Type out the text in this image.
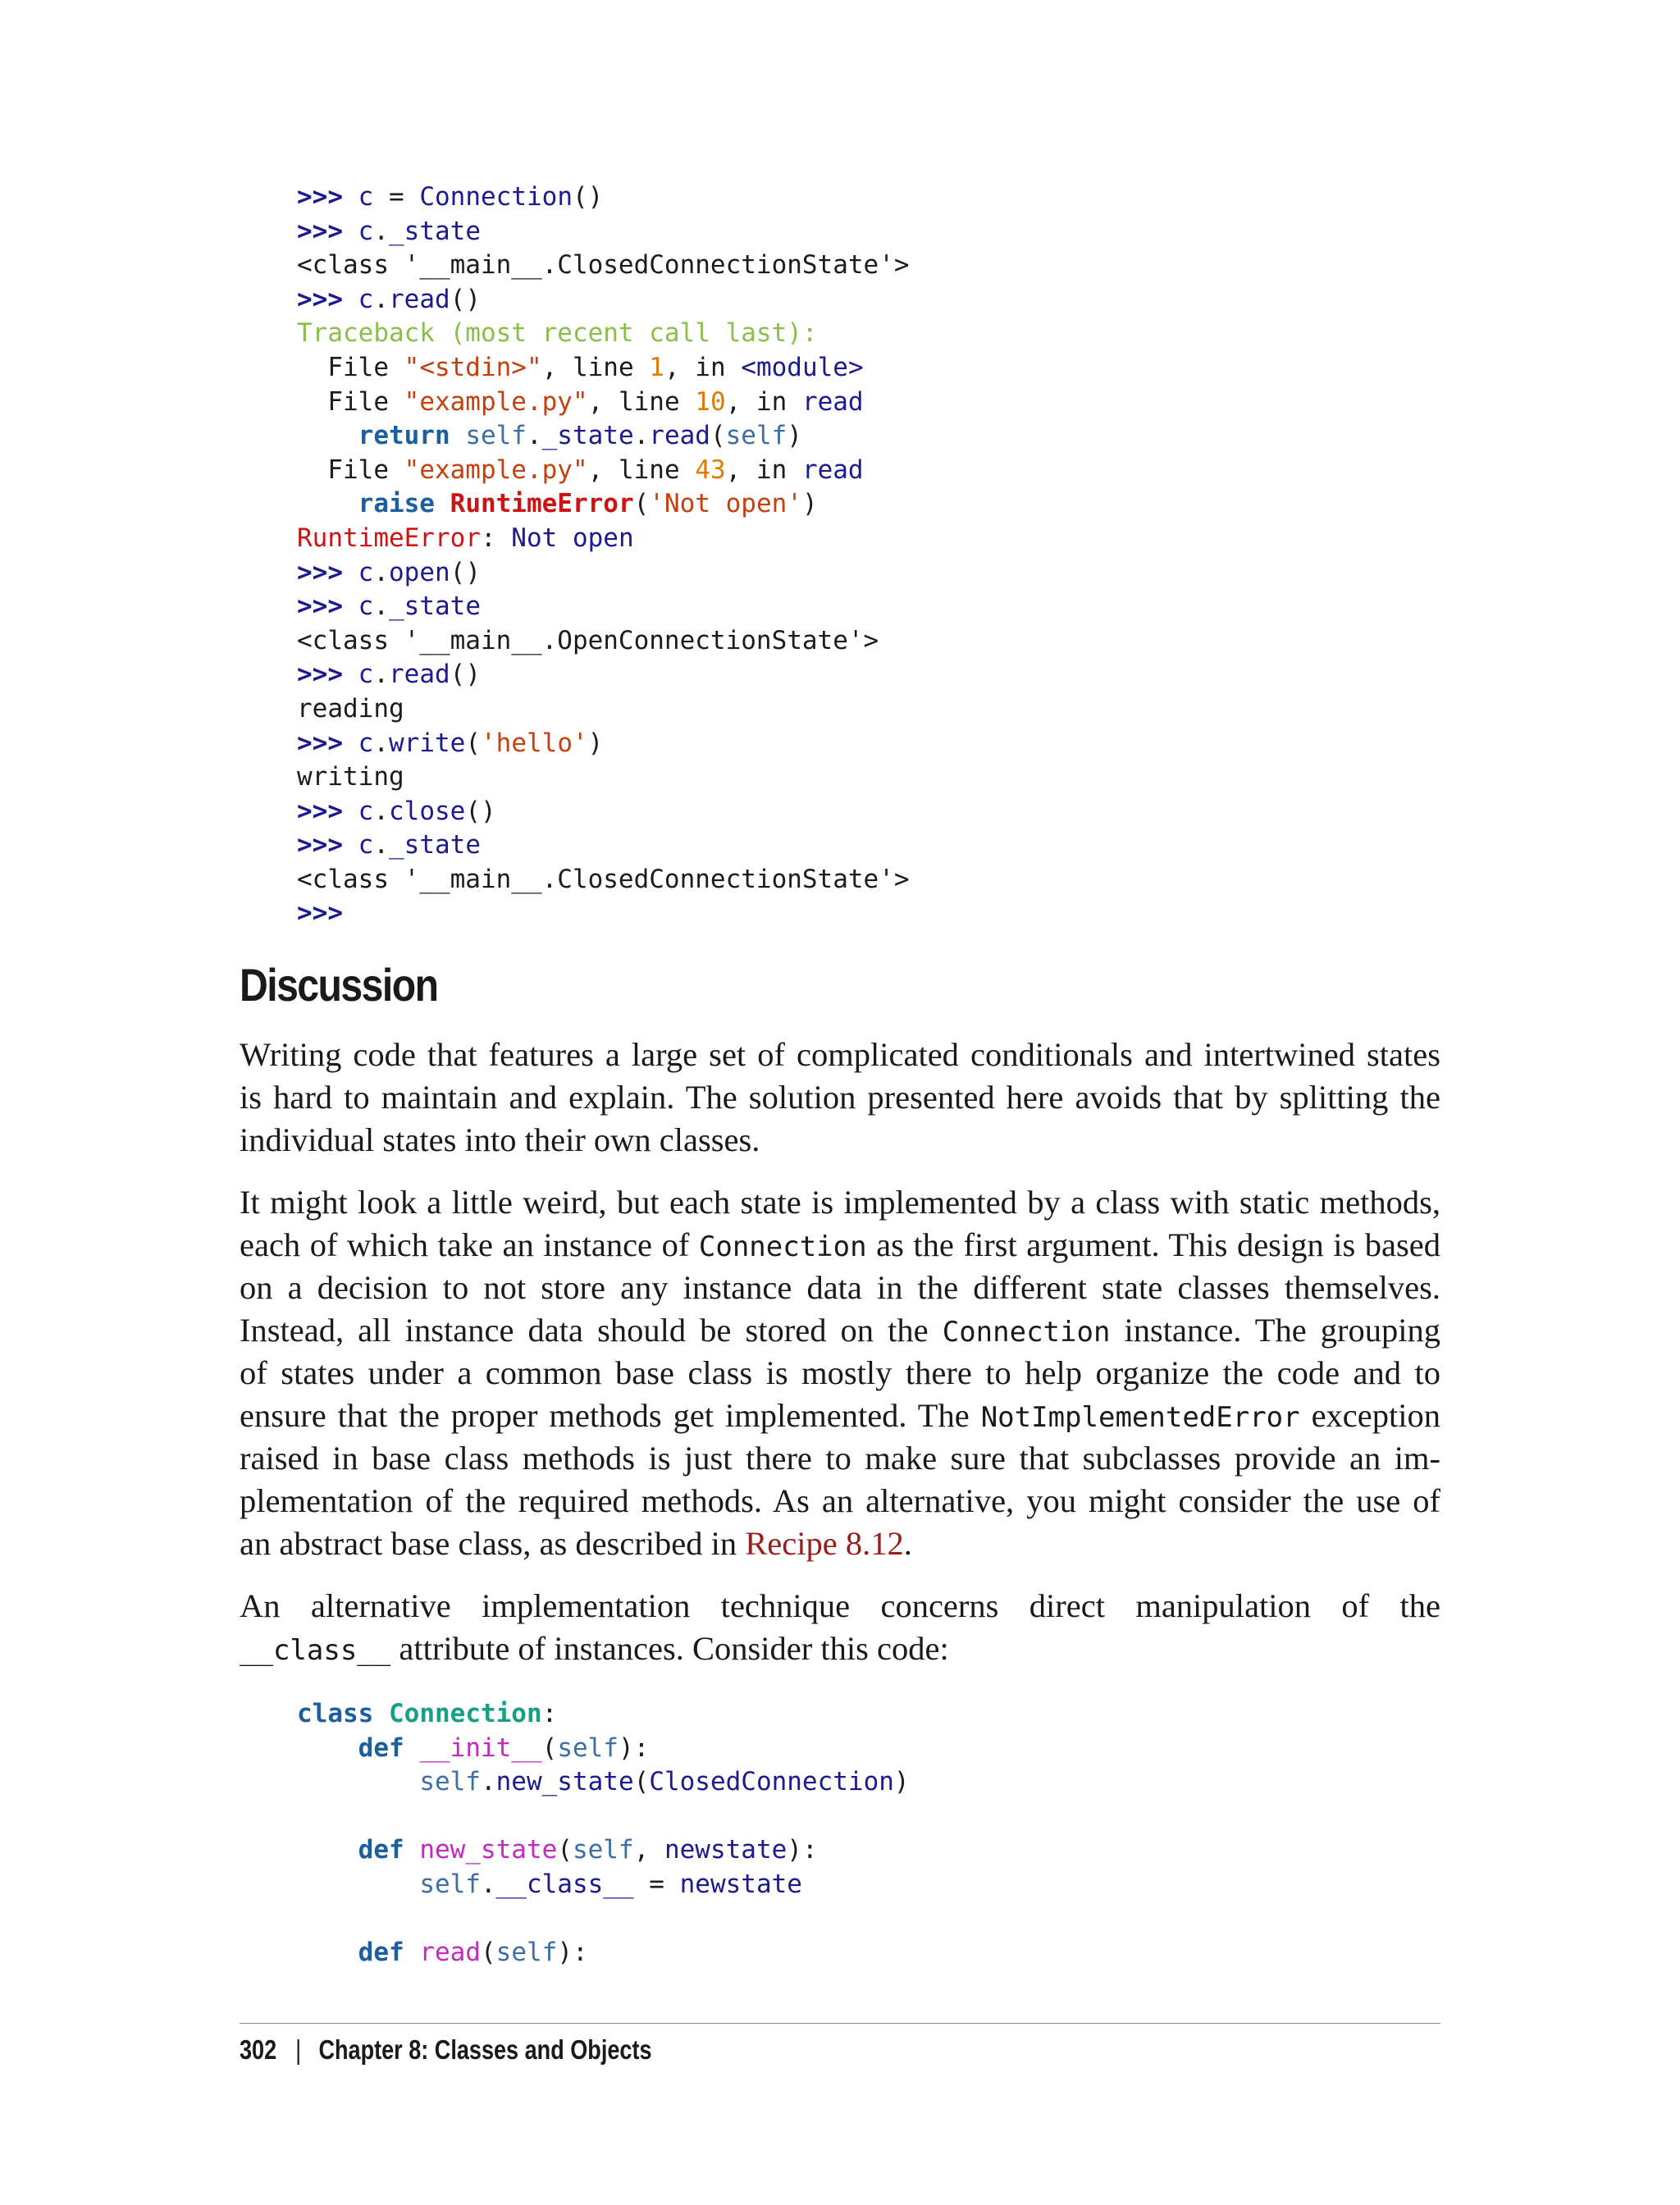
>>> c = Connection()
>>> c._state
<class '__main__.ClosedConnectionState'>
>>> c.read()
Traceback (most recent call last):
File "<stdin>", line 1, in <module>
File "example.py", line 10, in read
return self._state.read(self)
File "example.py", line 43, in read
raise RuntimeError('Not open')
RuntimeError: Not open
>>> c.open()
>>> c._state
<class '__main__.OpenConnectionState'>
>>> c.read()
reading
>>> c.write('hello')
writing
>>> c.close()
>>> c._state
<class '__main__.ClosedConnectionState'>
>>>
Discussion
Writing code that features a large set of complicated conditionals and intertwined states
is hard to maintain and explain. The solution presented here avoids that by splitting the
individual states into their own classes.
It might look a little weird, but each state is implemented by a class with static methods,
each of which take an instance of Connection as the first argument. This design is based
on a decision to not store any instance data in the different state classes themselves.
Instead, all instance data should be stored on the Connection instance. The grouping
of states under a common base class is mostly there to help organize the code and to
ensure that the proper methods get implemented. The NotImplementedError exception
raised in base class methods is just there to make sure that subclasses provide an im-
plementation of the required methods. As an alternative, you might consider the use of
an abstract base class, as described in Recipe 8.12.
An alternative implementation technique concerns direct manipulation of the
__class__ attribute of instances. Consider this code:
class Connection:
def __init__(self):
self.new_state(ClosedConnection)
def new_state(self, newstate):
self.__class__ = newstate
def read(self):
302 | Chapter 8: Classes and Objects
